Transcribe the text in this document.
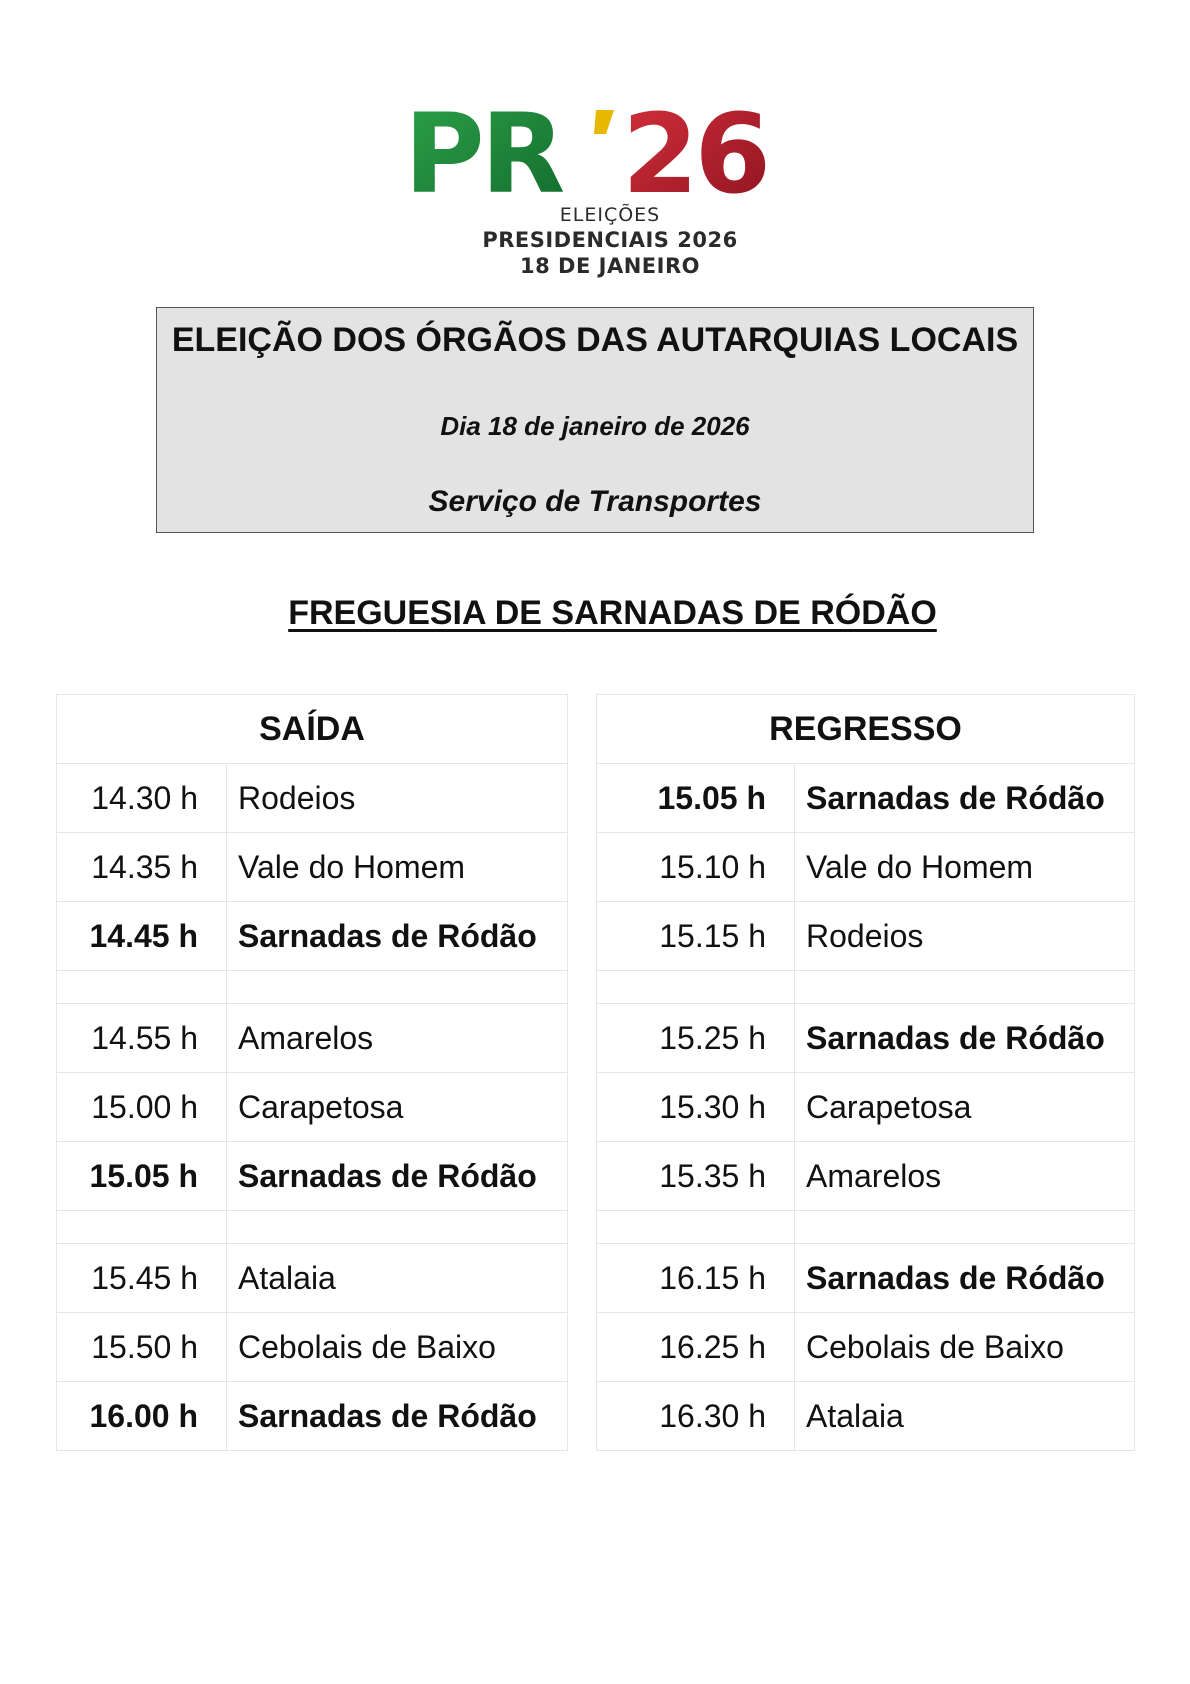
PR 26
ELEIÇÕES
PRESIDENCIAIS 2026
18 DE JANEIRO
ELEIÇÃO DOS ÓRGÃOS DAS AUTARQUIAS LOCAIS
Dia 18 de janeiro de 2026
Serviço de Transportes
FREGUESIA DE SARNADAS DE RÓDÃO
SAÍDA			REGRESSO	
14.30 h	Rodeios		15.05 h	Sarnadas de Ródão
14.35 h	Vale do Homem		15.10 h	Vale do Homem
14.45 h	Sarnadas de Ródão		15.15 h	Rodeios

14.55 h	Amarelos		15.25 h	Sarnadas de Ródão
15.00 h	Carapetosa		15.30 h	Carapetosa
15.05 h	Sarnadas de Ródão		15.35 h	Amarelos

15.45 h	Atalaia		16.15 h	Sarnadas de Ródão
15.50 h	Cebolais de Baixo		16.25 h	Cebolais de Baixo
16.00 h	Sarnadas de Ródão		16.30 h	Atalaia
